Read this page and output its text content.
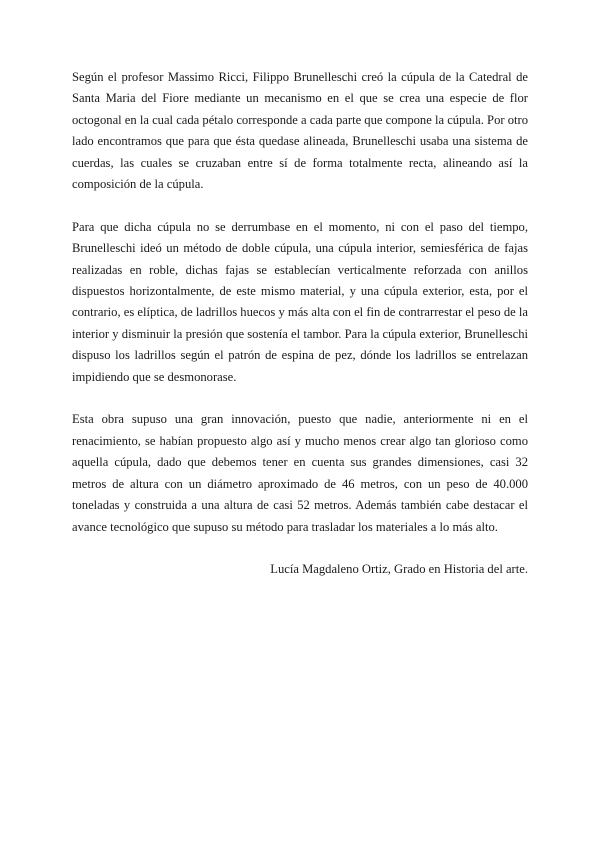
Según el profesor Massimo Ricci, Filippo Brunelleschi creó la cúpula de la Catedral de Santa Maria del Fiore mediante un mecanismo en el que se crea una especie de flor octogonal en la cual cada pétalo corresponde a cada parte que compone la cúpula. Por otro lado encontramos que para que ésta quedase alineada, Brunelleschi usaba una sistema de cuerdas, las cuales se cruzaban entre sí de forma totalmente recta, alineando así la composición de la cúpula.

Para que dicha cúpula no se derrumbase en el momento, ni con el paso del tiempo, Brunelleschi ideó un método de doble cúpula, una cúpula interior, semiesférica de fajas realizadas en roble, dichas fajas se establecían verticalmente reforzada con anillos dispuestos horizontalmente, de este mismo material, y una cúpula exterior, esta, por el contrario, es elíptica, de ladrillos huecos y más alta con el fin de contrarrestar el peso de la interior y disminuir la presión que sostenía el tambor. Para la cúpula exterior, Brunelleschi dispuso los ladrillos según el patrón de espina de pez, dónde los ladrillos se entrelazan impidiendo que se desmonorase.

Esta obra supuso una gran innovación, puesto que nadie, anteriormente ni en el renacimiento, se habían propuesto algo así y mucho menos crear algo tan glorioso como aquella cúpula, dado que debemos tener en cuenta sus grandes dimensiones, casi 32 metros de altura con un diámetro aproximado de 46 metros, con un peso de 40.000 toneladas y construida a una altura de casi 52 metros. Además también cabe destacar el avance tecnológico que supuso su método para trasladar los materiales a lo más alto.

Lucía Magdaleno Ortiz, Grado en Historia del arte.
